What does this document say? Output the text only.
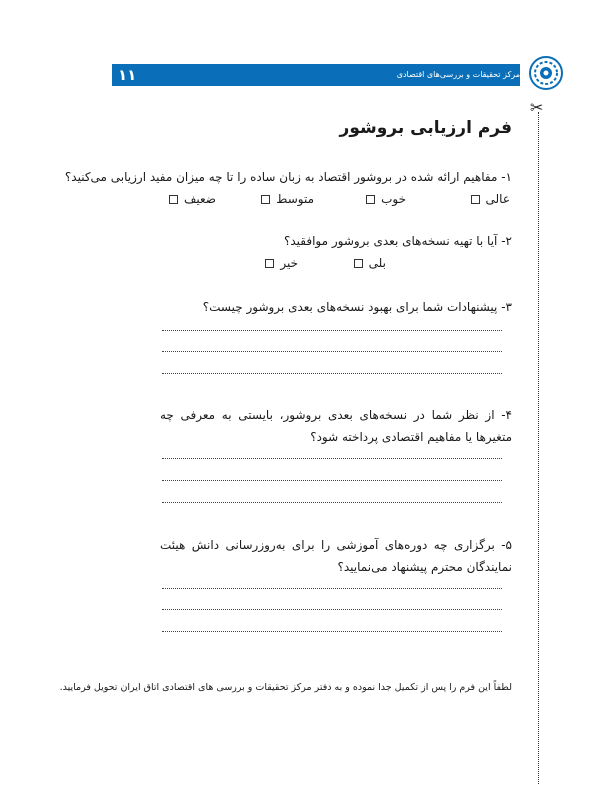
۱۱	مرکز تحقیقات و بررسی‌های اقتصادی
✂
فرم ارزیابی بروشور

۱- مفاهیم ارائه شده در بروشور اقتصاد به زبان ساده را تا چه میزان مفید ارزیابی می‌کنید؟

عالی
خوب
متوسط
ضعیف

۲- آیا با تهیه نسخه‌های بعدی بروشور موافقید؟

بلی
خیر

۳- پیشنهادات شما برای بهبود نسخه‌های بعدی بروشور چیست؟

۴- از نظر شما در نسخه‌های بعدی بروشور، بایستی به معرفی چه متغیرها یا مفاهیم اقتصادی پرداخته شود؟

۵- برگزاری چه دوره‌های آموزشی را برای به‌روزرسانی دانش هیئت نمایندگان محترم پیشنهاد می‌نمایید؟

لطفاً این فرم را پس از تکمیل جدا نموده و به دفتر مرکز تحقیقات و بررسی های اقتصادی اتاق ایران تحویل فرمایید.
